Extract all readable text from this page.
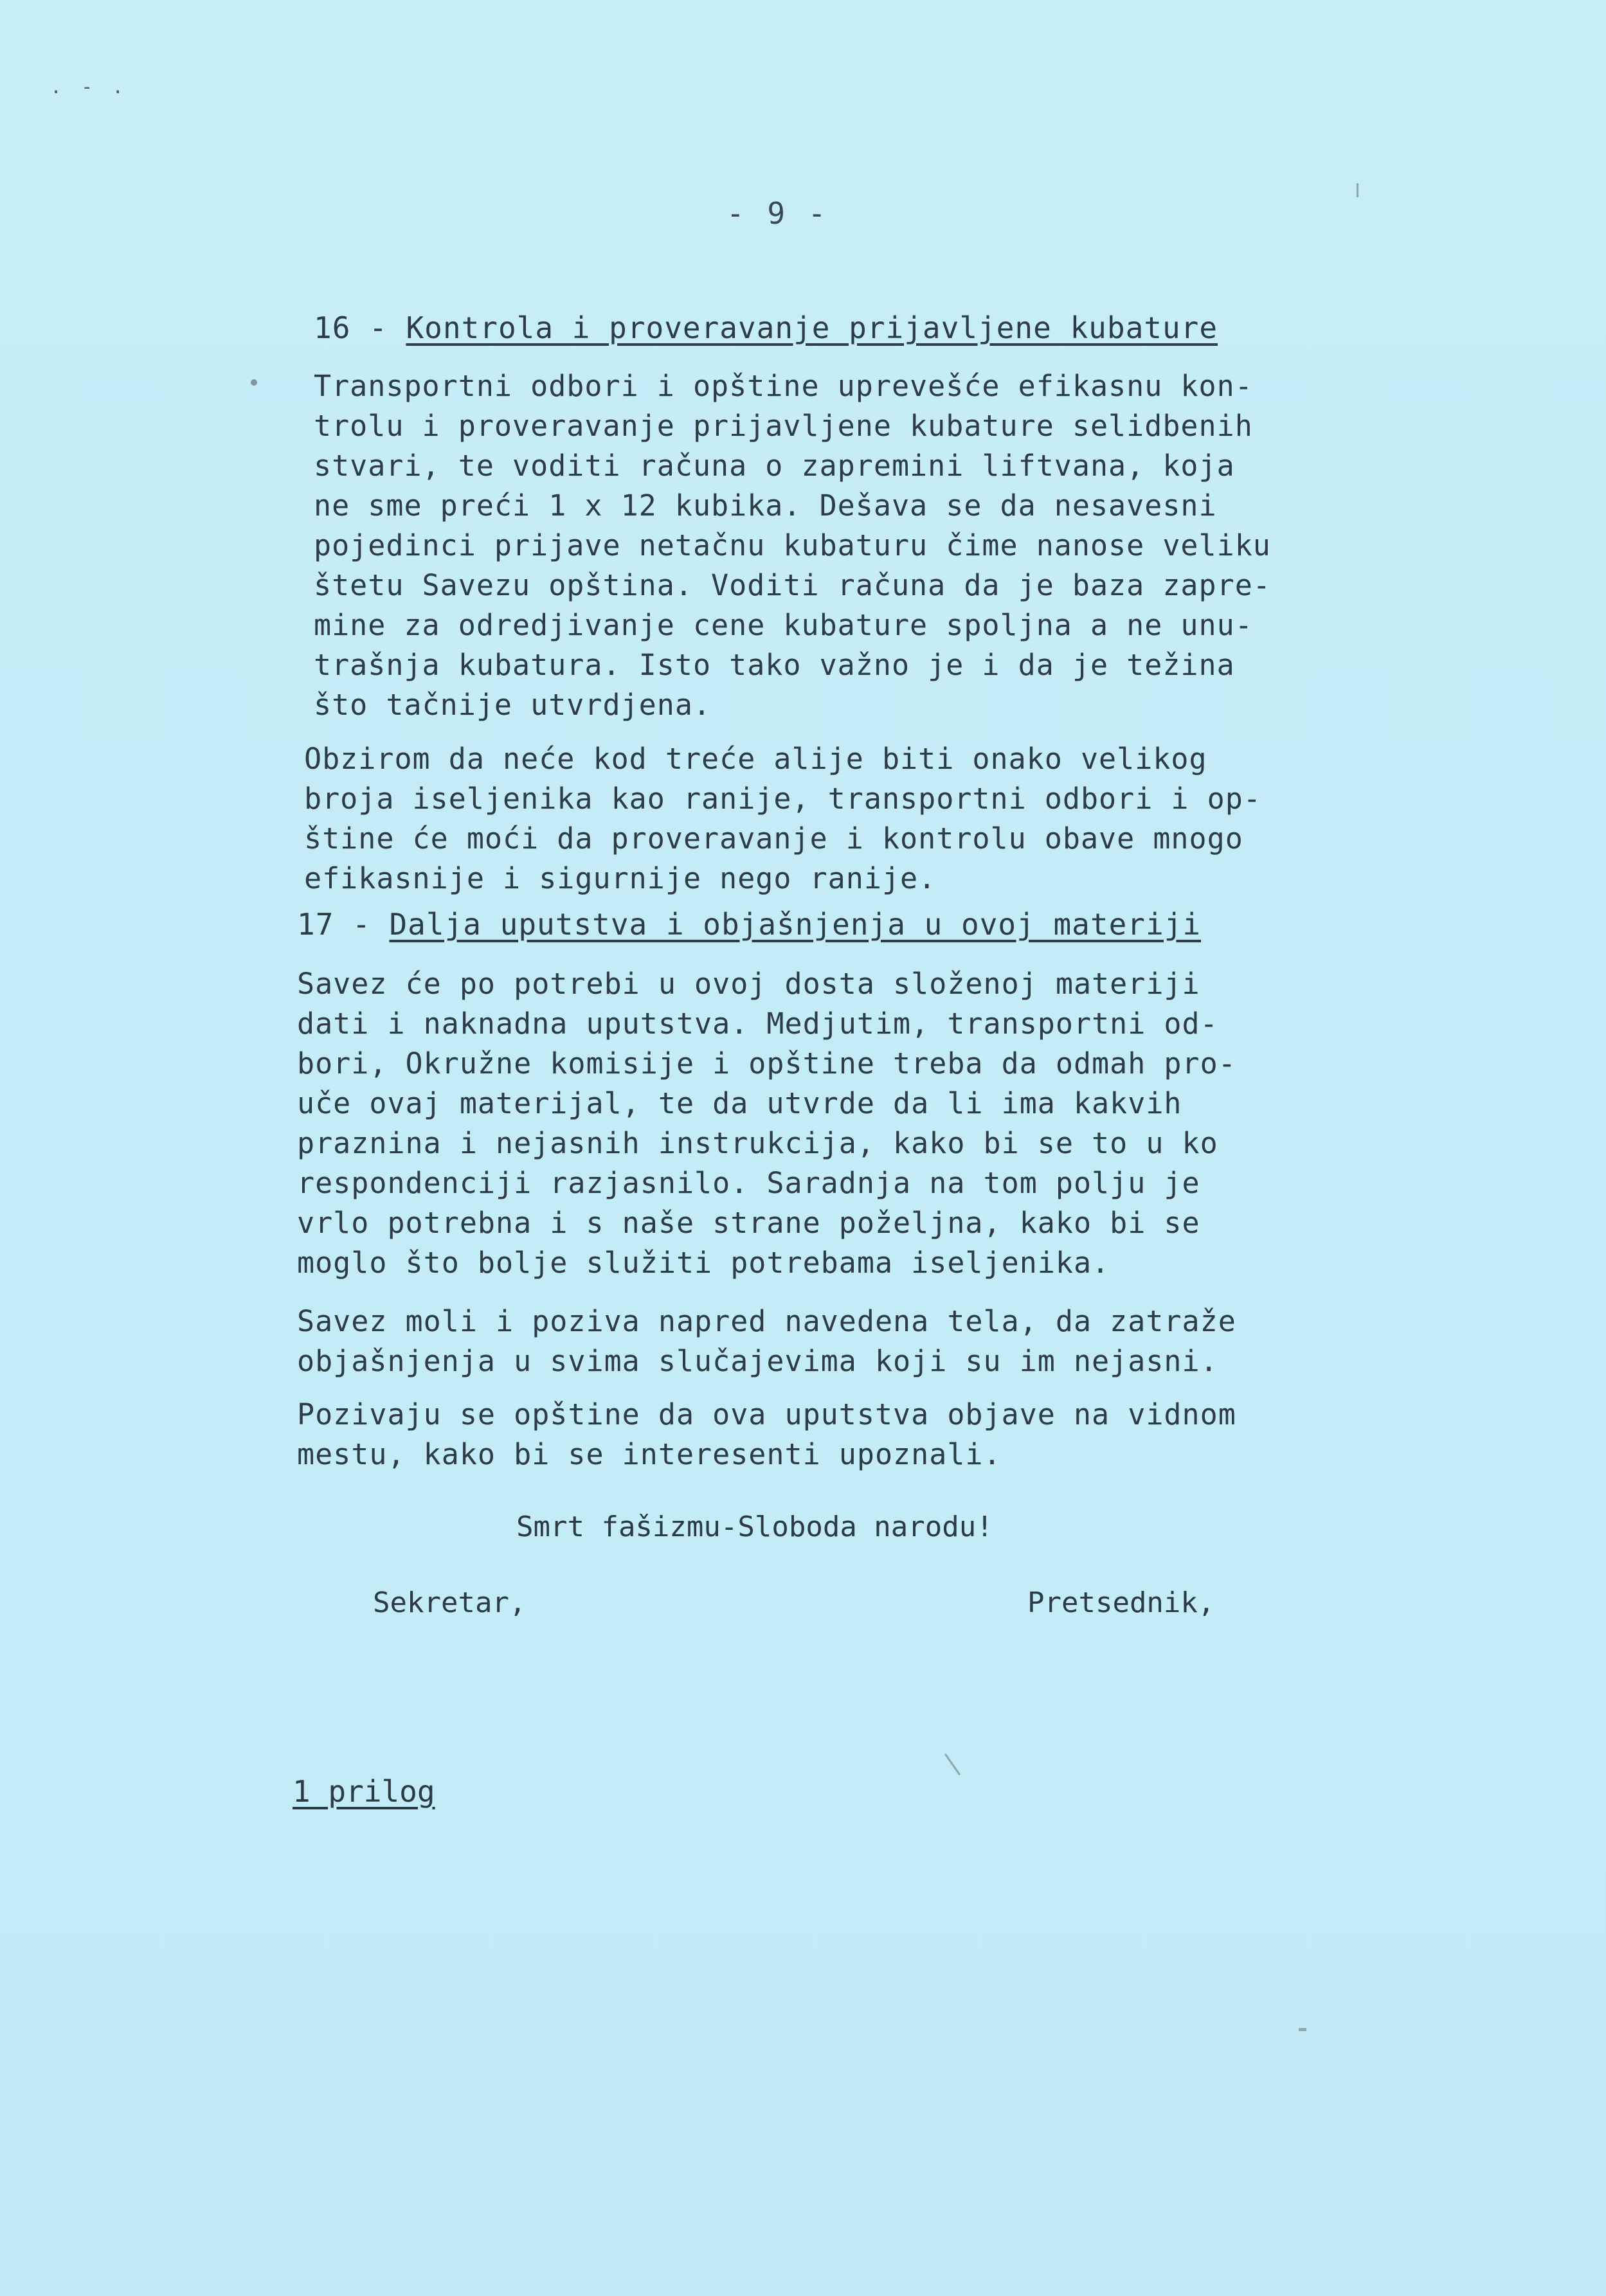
. - .
- 9 -
16 - Kontrola i proveravanje prijavljene kubature
Transportni odbori i opštine uprevešće efikasnu kon-
trolu i proveravanje prijavljene kubature selidbenih
stvari, te voditi računa o zapremini liftvana, koja
ne sme preći 1 x 12 kubika. Dešava se da nesavesni
pojedinci prijave netačnu kubaturu čime nanose veliku
štetu Savezu opština. Voditi računa da je baza zapre-
mine za odredjivanje cene kubature spoljna a ne unu-
trašnja kubatura. Isto tako važno je i da je težina
što tačnije utvrdjena.
Obzirom da neće kod treće alije biti onako velikog
broja iseljenika kao ranije, transportni odbori i op-
štine će moći da proveravanje i kontrolu obave mnogo
efikasnije i sigurnije nego ranije.
17 - Dalja uputstva i objašnjenja u ovoj materiji
Savez će po potrebi u ovoj dosta složenoj materiji
dati i naknadna uputstva. Medjutim, transportni od-
bori, Okružne komisije i opštine treba da odmah pro-
uče ovaj materijal, te da utvrde da li ima kakvih
praznina i nejasnih instrukcija, kako bi se to u ko
respondenciji razjasnilo. Saradnja na tom polju je
vrlo potrebna i s naše strane poželjna, kako bi se
moglo što bolje služiti potrebama iseljenika.
Savez moli i poziva napred navedena tela, da zatraže
objašnjenja u svima slučajevima koji su im nejasni.
Pozivaju se opštine da ova uputstva objave na vidnom
mestu, kako bi se interesenti upoznali.
Smrt fašizmu-Sloboda narodu!
Sekretar,	Pretsednik,
1 prilog
